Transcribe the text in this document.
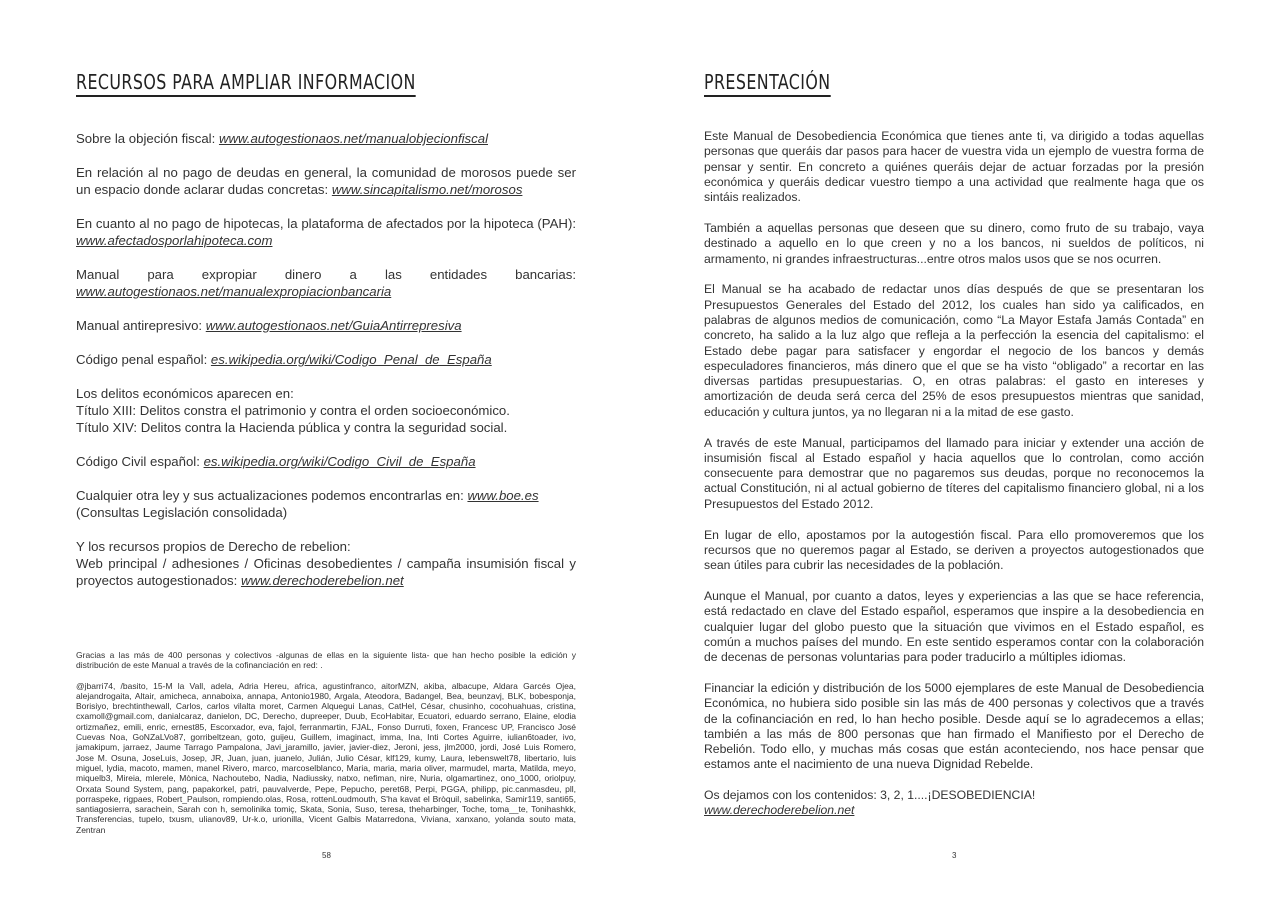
RECURSOS PARA AMPLIAR INFORMACION

Sobre la objeción fiscal: www.autogestionaos.net/manualobjecionfiscal

En relación al no pago de deudas en general, la comunidad de morosos puede ser un espacio donde aclarar dudas concretas: www.sincapitalismo.net/morosos

En cuanto al no pago de hipotecas, la plataforma de afectados por la hipoteca (PAH): www.afectadosporlahipoteca.com

Manual para expropiar dinero a las entidades bancarias: www.autogestionaos.net/manualexpropiacionbancaria

Manual antirepresivo: www.autogestionaos.net/GuiaAntirrepresiva

Código penal español: es.wikipedia.org/wiki/Codigo_Penal_de_España

Los delitos económicos aparecen en:
Título XIII: Delitos constra el patrimonio y contra el orden socioeconómico.
Título XIV: Delitos contra la Hacienda pública y contra la seguridad social.

Código Civil español: es.wikipedia.org/wiki/Codigo_Civil_de_España

Cualquier otra ley y sus actualizaciones podemos encontrarlas en: www.boe.es
(Consultas Legislación consolidada)

Y los recursos propios de Derecho de rebelion:
Web principal / adhesiones / Oficinas desobedientes / campaña insumisión fiscal y proyectos autogestionados: www.derechoderebelion.net

Gracias a las más de 400 personas y colectivos -algunas de ellas en la siguiente lista- que han hecho posible la edición y distribución de este Manual a través de la cofinanciación en red: .

@jbarri74, /basito, 15-M la Vall, adela, Adria Hereu, africa, agustinfranco, aitorMZN, akiba, albacupe, Aldara Garcés Ojea, alejandrogaita, Altair, amicheca, annaboixa, annapa, Antonio1980, Argala, Ateodora, Badangel, Bea, beunzavj, BLK, bobesponja, Borisiyo, brechtinthewall, Carlos, carlos vilalta moret, Carmen Alquegui Lanas, CatHel, César, chusinho, cocohuahuas, cristina, cxamoll@gmail.com, danialcaraz, danielon, DC, Derecho, dupreeper, Duub, EcoHabitar, Ecuatori, eduardo serrano, Elaine, elodia ortizmañez, emili, enric, ernest85, Escorxador, eva, fajol, ferranmartin, FJAL, Fonso Durruti, foxen, Francesc UP, Francisco José Cuevas Noa, GoNZaLVo87, gorribeltzean, goto, guijeu, Guillem, imaginact, imma, Ina, Inti Cortes Aguirre, iulian6toader, ivo, jamakipum, jarraez, Jaume Tarrago Pampalona, Javi_jaramillo, javier, javier-diez, Jeroni, jess, jlm2000, jordi, José Luis Romero, Jose M. Osuna, JoseLuis, Josep, JR, Juan, juan, juanelo, Julián, Julio César, klf129, kumy, Laura, lebenswelt78, libertario, luis miguel, lydia, macoto, mamen, manel Rivero, marco, marcoselblanco, Maria, maria, maria oliver, marmudel, marta, Matilda, meyo, miquelb3, Mireia, mlerele, Mònica, Nachoutebo, Nadia, Nadiussky, natxo, nefiman, nire, Nuria, olgamartinez, ono_1000, oriolpuy, Orxata Sound System, pang, papakorkel, patri, pauvalverde, Pepe, Pepucho, peret68, Perpi, PGGA, philipp, pic.canmasdeu, pll, porraspeke, rigpaes, Robert_Paulson, rompiendo.olas, Rosa, rottenLoudmouth, S'ha kavat el Bròquil, sabelinka, Samir119, santi65, santiagosierra, sarachein, Sarah con h, semolinika tomiç, Skata, Sonia, Suso, teresa, theharbinger, Toche, toma__te, Tonihashkk, Transferencias, tupelo, txusm, ulianov89, Ur-k.o, urionilla, Vicent Galbis Matarredona, Viviana, xanxano, yolanda souto mata, Zentran

58
PRESENTACIÓN

Este Manual de Desobediencia Económica que tienes ante ti, va dirigido a todas aquellas personas que queráis dar pasos para hacer de vuestra vida un ejemplo de vuestra forma de pensar y sentir. En concreto a quiénes queráis dejar de actuar forzadas por la presión económica y queráis dedicar vuestro tiempo a una actividad que realmente haga que os sintáis realizados.

También a aquellas personas que deseen que su dinero, como fruto de su trabajo, vaya destinado a aquello en lo que creen y no a los bancos, ni sueldos de políticos, ni armamento, ni grandes infraestructuras...entre otros malos usos que se nos ocurren.

El Manual se ha acabado de redactar unos días después de que se presentaran los Presupuestos Generales del Estado del 2012, los cuales han sido ya calificados, en palabras de algunos medios de comunicación, como “La Mayor Estafa Jamás Contada” en concreto, ha salido a la luz algo que refleja a la perfección la esencia del capitalismo: el Estado debe pagar para satisfacer y engordar el negocio de los bancos y demás especuladores financieros, más dinero que el que se ha visto “obligado” a recortar en las diversas partidas presupuestarias. O, en otras palabras: el gasto en intereses y amortización de deuda será cerca del 25% de esos presupuestos mientras que sanidad, educación y cultura juntos, ya no llegaran ni a la mitad de ese gasto.

A través de este Manual, participamos del llamado para iniciar y extender una acción de insumisión fiscal al Estado español y hacia aquellos que lo controlan, como acción consecuente para demostrar que no pagaremos sus deudas, porque no reconocemos la actual Constitución, ni al actual gobierno de títeres del capitalismo financiero global, ni a los Presupuestos del Estado 2012.

En lugar de ello, apostamos por la autogestión fiscal. Para ello promoveremos que los recursos que no queremos pagar al Estado, se deriven a proyectos autogestionados que sean útiles para cubrir las necesidades de la población.

Aunque el Manual, por cuanto a datos, leyes y experiencias a las que se hace referencia, está redactado en clave del Estado español, esperamos que inspire a la desobediencia en cualquier lugar del globo puesto que la situación que vivimos en el Estado español, es común a muchos países del mundo. En este sentido esperamos contar con la colaboración de decenas de personas voluntarias para poder traducirlo a múltiples idiomas.

Financiar la edición y distribución de los 5000 ejemplares de este Manual de Desobediencia Económica, no hubiera sido posible sin las más de 400 personas y colectivos que a través de la cofinanciación en red, lo han hecho posible. Desde aquí se lo agradecemos a ellas; también a las más de 800 personas que han firmado el Manifiesto por el Derecho de Rebelión. Todo ello, y muchas más cosas que están aconteciendo, nos hace pensar que estamos ante el nacimiento de una nueva Dignidad Rebelde.

Os dejamos con los contenidos: 3, 2, 1....¡DESOBEDIENCIA!
www.derechoderebelion.net

3
